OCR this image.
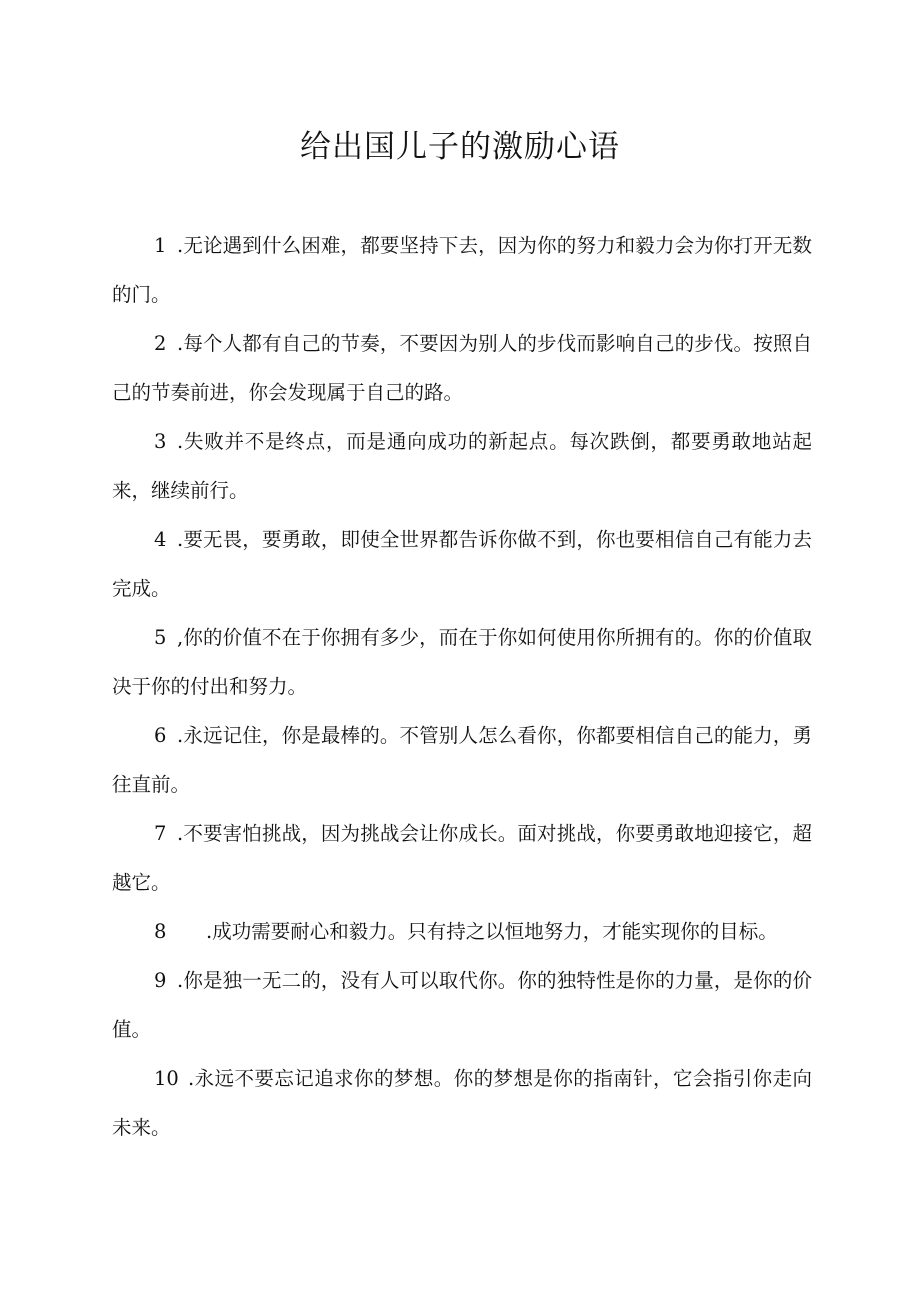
给出国儿子的激励心语

1 .无论遇到什么困难，都要坚持下去，因为你的努力和毅力会为你打开无数的门。

2 .每个人都有自己的节奏，不要因为别人的步伐而影响自己的步伐。按照自己的节奏前进，你会发现属于自己的路。

3 .失败并不是终点，而是通向成功的新起点。每次跌倒，都要勇敢地站起来，继续前行。

4 .要无畏，要勇敢，即使全世界都告诉你做不到，你也要相信自己有能力去完成。

5 ,你的价值不在于你拥有多少，而在于你如何使用你所拥有的。你的价值取决于你的付出和努力。

6 .永远记住，你是最棒的。不管别人怎么看你，你都要相信自己的能力，勇往直前。

7 .不要害怕挑战，因为挑战会让你成长。面对挑战，你要勇敢地迎接它，超越它。

8 .成功需要耐心和毅力。只有持之以恒地努力，才能实现你的目标。

9 .你是独一无二的，没有人可以取代你。你的独特性是你的力量，是你的价值。

10 .永远不要忘记追求你的梦想。你的梦想是你的指南针，它会指引你走向未来。
